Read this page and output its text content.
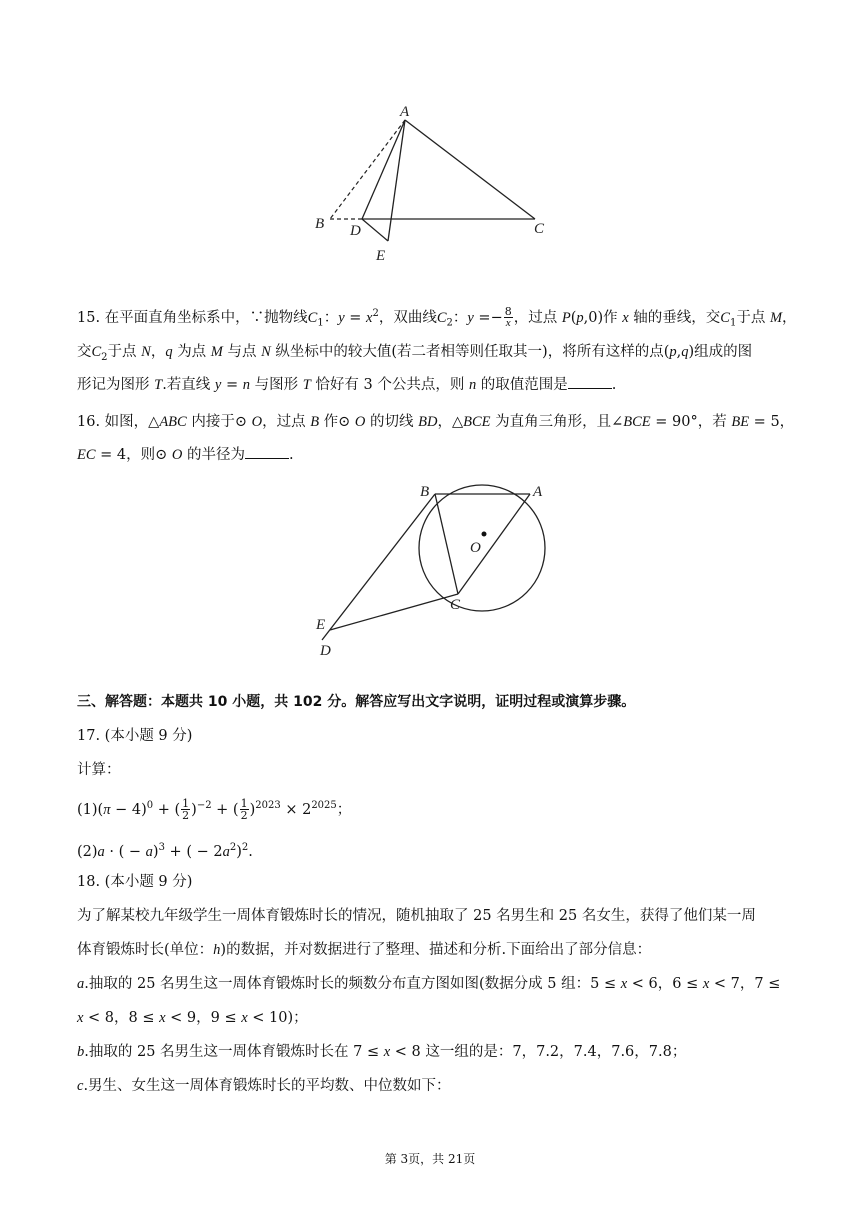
A
B	C
D
E
15. 在平面直角坐标系中，∵抛物线$C_1$：$y = x^2$，双曲线$C_2$：$y =- \frac{8}{x}$ ，过点 P(p,0)作 x 轴的垂线，交$C_1$于点 M，
交$C_2$于点 N，q 为点 M 与点 N 纵坐标中的较大值(若二者相等则任取其一)，将所有这样的点(p,q)组成的图
形记为图形 T.若直线 y = n 与图形 T 恰好有 3 个公共点，则 n 的取值范围是	.
16. 如图，△ABC 内接于⊙ O，过点 B 作⊙ O 的切线 BD，△BCE 为直角三角形，且∠BCE = 90°，若 BE = 5，
EC = 4，则⊙ O 的半径为	.
B	A
O
C
E
D
三、解答题：本题共 10 小题，共 102 分。解答应写出文字说明，证明过程或演算步骤。
17. (本小题 9 分)
计算：
$(1)(\pi - 4)^0$ + ( $\frac{1}{2} )^{-2}$ + ( $\frac{1}{2} )^{2023} \times 2^{2025}$；
(2)a · ( − a)$^3$ + ( − $2a^2)^2$.
18. (本小题 9 分)
为了解某校九年级学生一周体育锻炼时长的情况，随机抽取了 25 名男生和 25 名女生，获得了他们某一周
体育锻炼时长(单位：h)的数据，并对数据进行了整理、描述和分析.下面给出了部分信息：
a.抽取的 25 名男生这一周体育锻炼时长的频数分布直方图如图(数据分成 5 组：5 ≤ x < 6，6 ≤ x < 7，7 ≤
x < 8，8 ≤ x < 9，9 ≤ x < 10)；
b.抽取的 25 名男生这一周体育锻炼时长在 7 ≤ x < 8 这一组的是：7，7.2，7.4，7.6，7.8；
c.男生、女生这一周体育锻炼时长的平均数、中位数如下：
第 3页，共 21页
